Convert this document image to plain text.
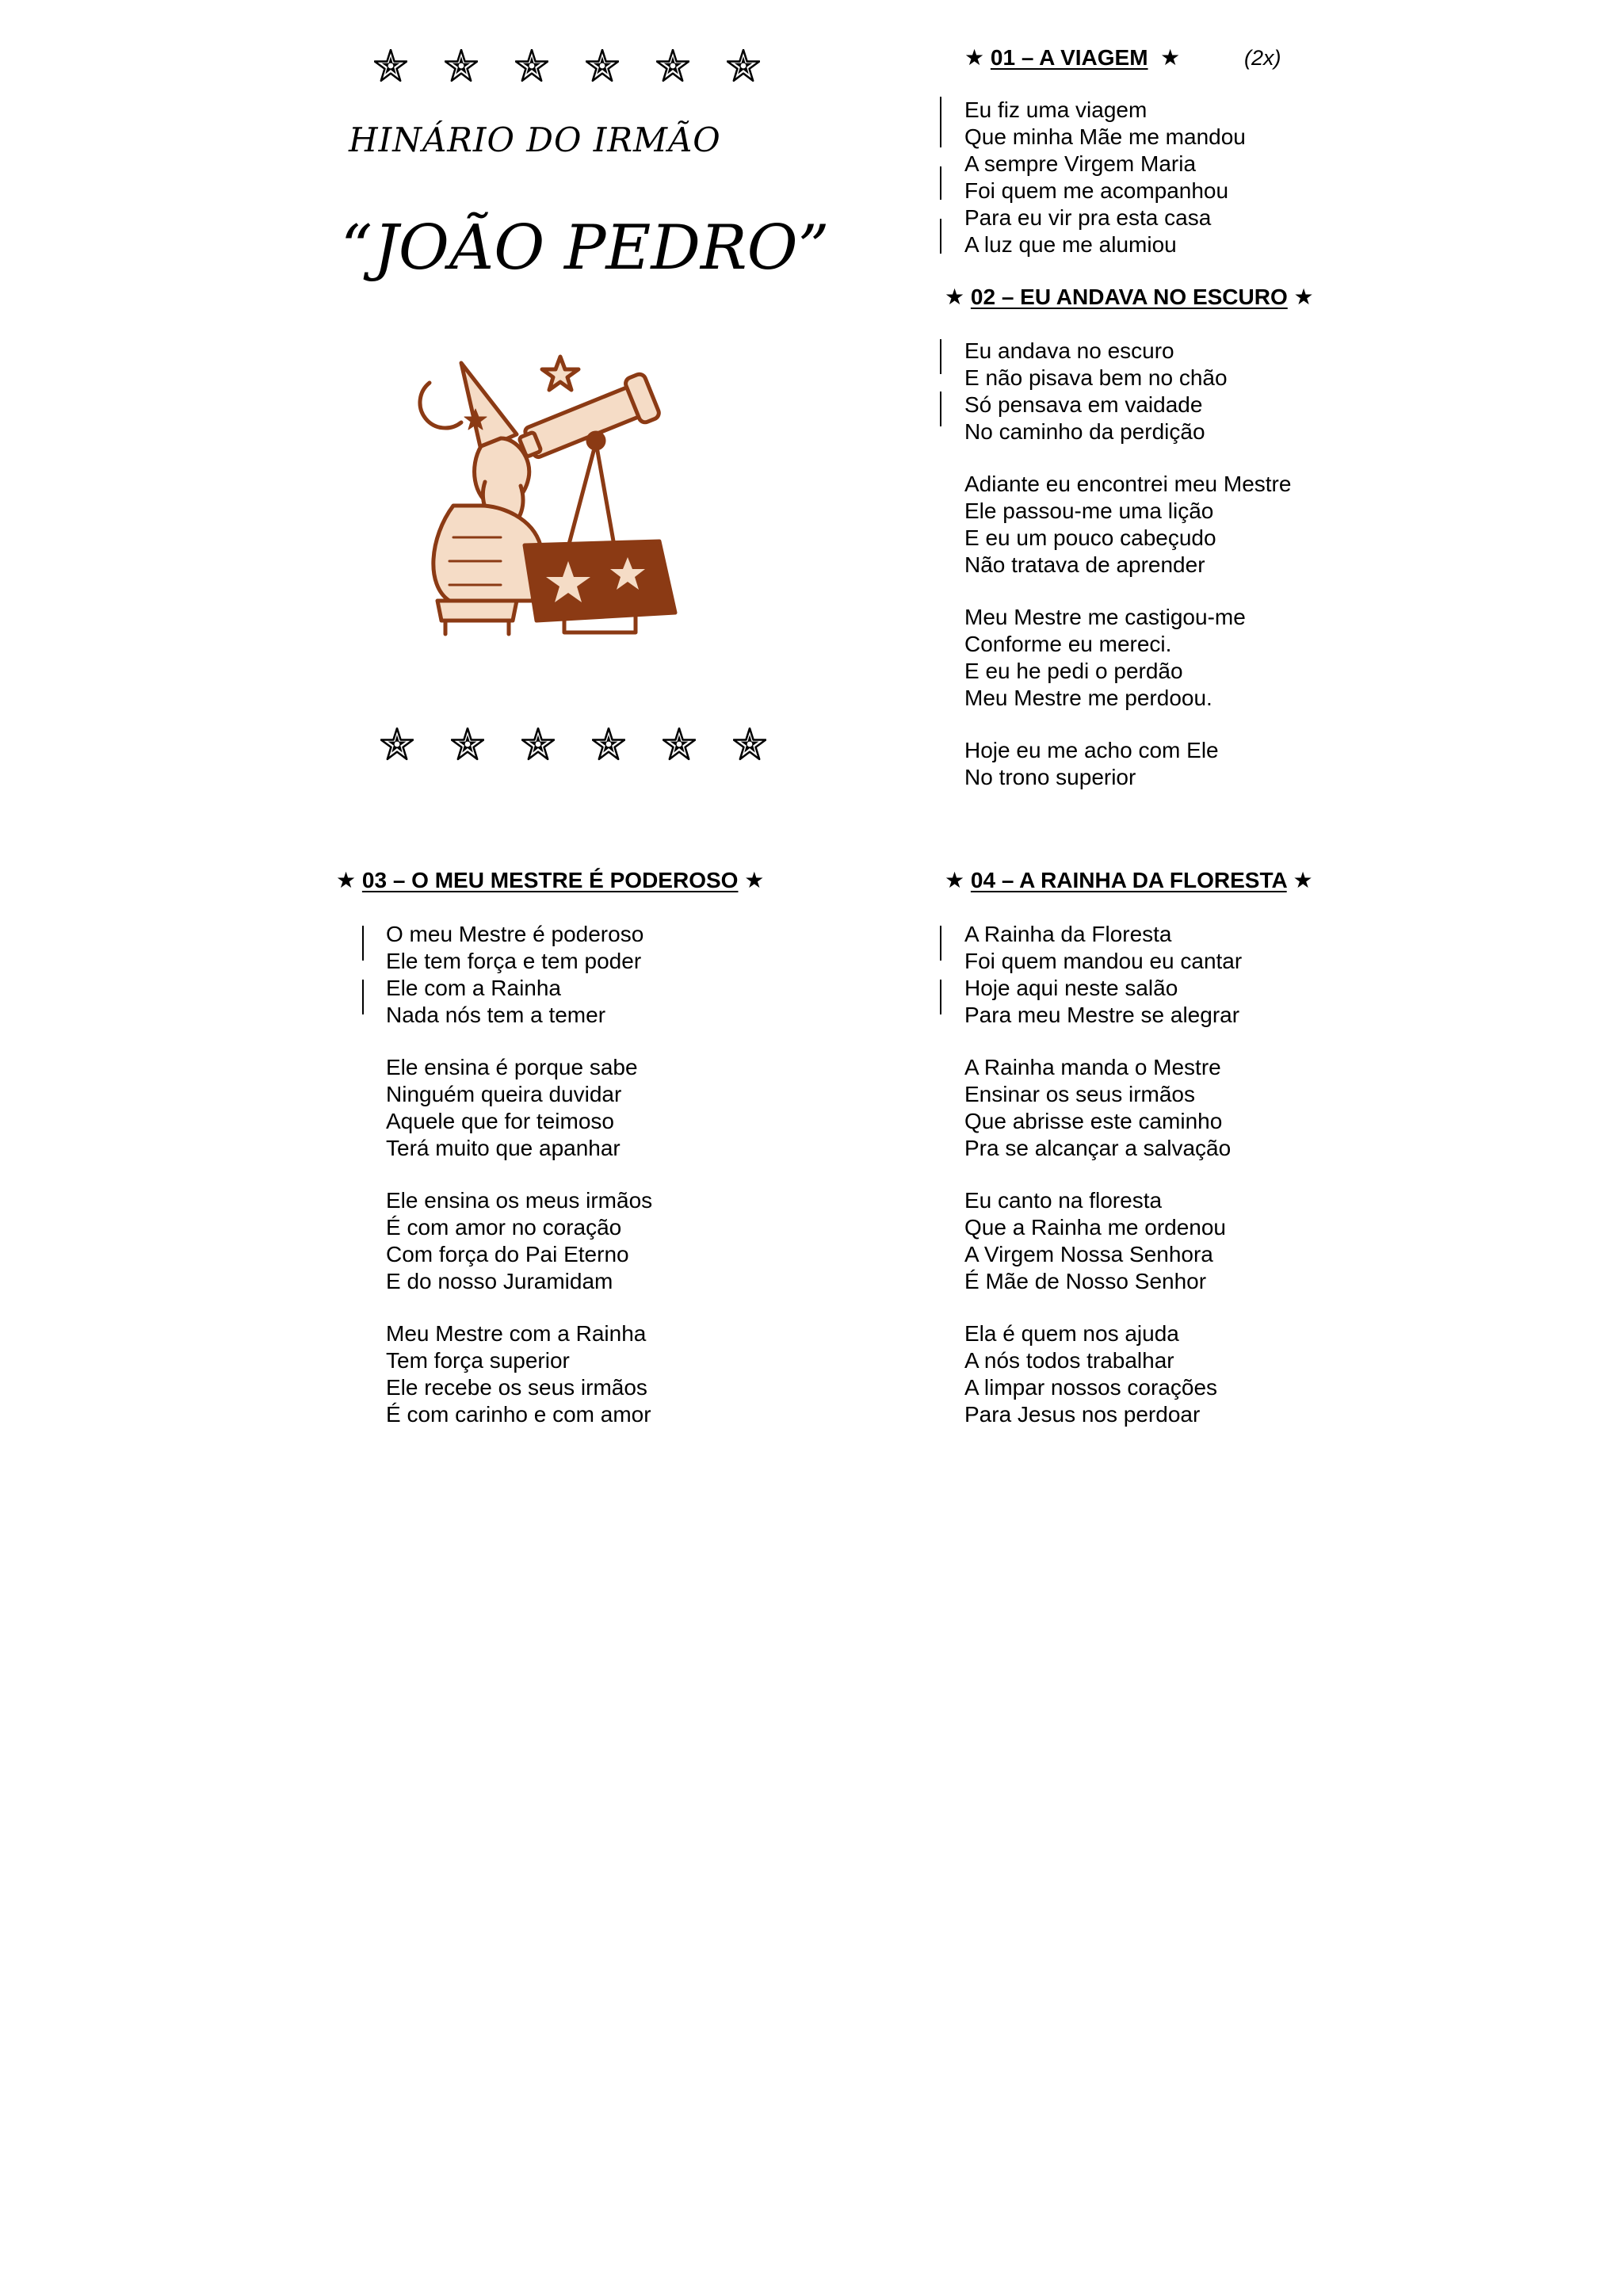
HINÁRIO DO IRMÃO
“JOÃO PEDRO”
★ 01 – A VIAGEM ★	(2x)
Eu fiz uma viagem
Que minha Mãe me mandou
A sempre Virgem Maria
Foi quem me acompanhou
Para eu vir pra esta casa
A luz que me alumiou
★ 02 – EU ANDAVA NO ESCURO ★
Eu andava no escuro
E não pisava bem no chão
Só pensava em vaidade
No caminho da perdição
Adiante eu encontrei meu Mestre
Ele passou-me uma lição
E eu um pouco cabeçudo
Não tratava de aprender
Meu Mestre me castigou-me
Conforme eu mereci.
E eu he pedi o perdão
Meu Mestre me perdoou.
Hoje eu me acho com Ele
No trono superior
★ 03 – O MEU MESTRE É PODEROSO ★
O meu Mestre é poderoso
Ele tem força e tem poder
Ele com a Rainha
Nada nós tem a temer
Ele ensina é porque sabe
Ninguém queira duvidar
Aquele que for teimoso
Terá muito que apanhar
Ele ensina os meus irmãos
É com amor no coração
Com força do Pai Eterno
E do nosso Juramidam
Meu Mestre com a Rainha
Tem força superior
Ele recebe os seus irmãos
É com carinho e com amor
★ 04 – A RAINHA DA FLORESTA ★
A Rainha da Floresta
Foi quem mandou eu cantar
Hoje aqui neste salão
Para meu Mestre se alegrar
A Rainha manda o Mestre
Ensinar os seus irmãos
Que abrisse este caminho
Pra se alcançar a salvação
Eu canto na floresta
Que a Rainha me ordenou
A Virgem Nossa Senhora
É Mãe de Nosso Senhor
Ela é quem nos ajuda
A nós todos trabalhar
A limpar nossos corações
Para Jesus nos perdoar
